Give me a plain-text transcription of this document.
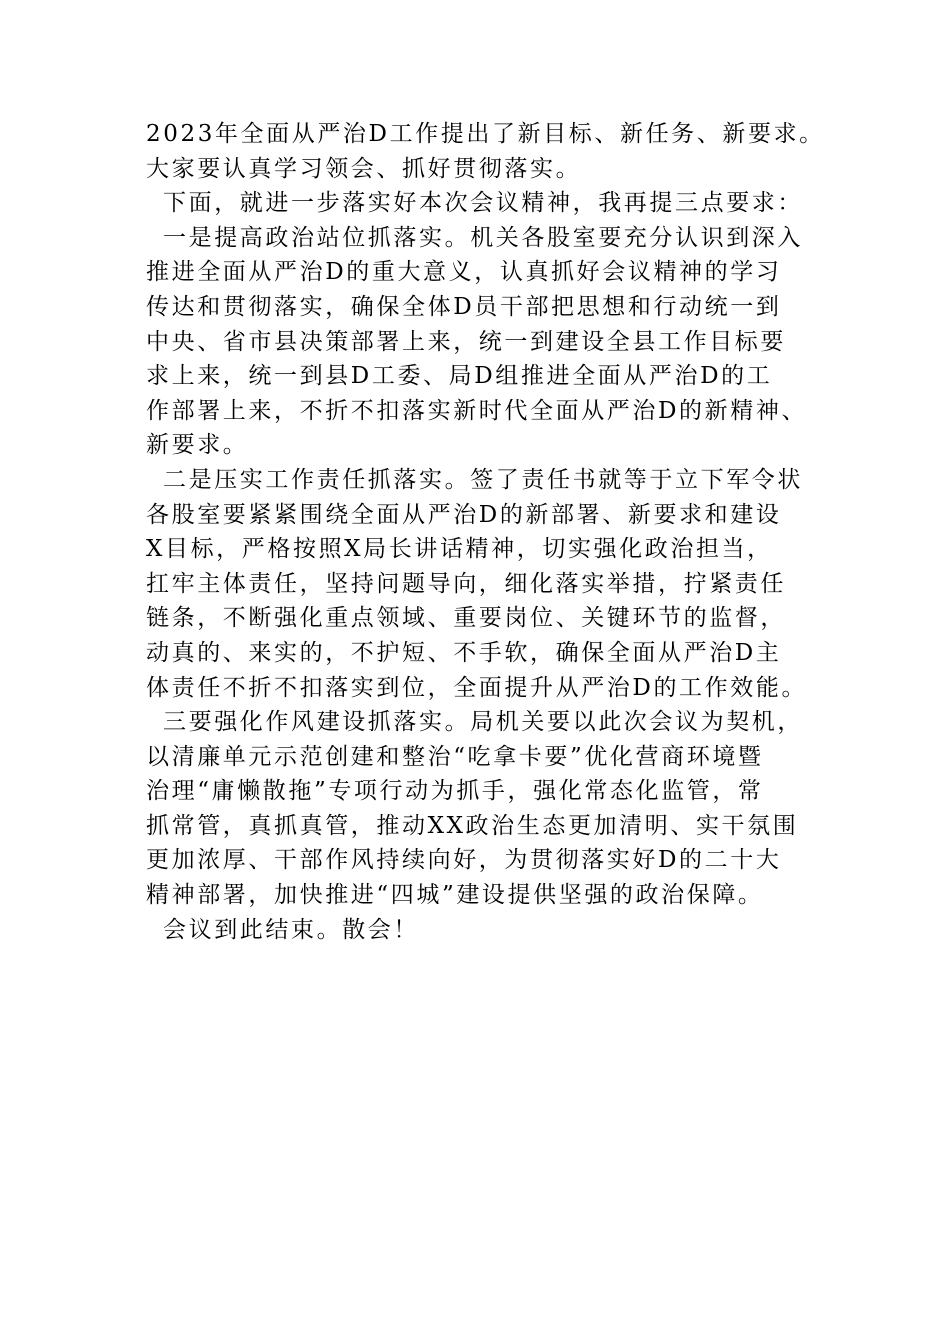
2023年全面从严治D工作提出了新目标、新任务、新要求。
大家要认真学习领会、抓好贯彻落实。
下面，就进一步落实好本次会议精神，我再提三点要求：
一是提高政治站位抓落实。机关各股室要充分认识到深入
推进全面从严治D的重大意义，认真抓好会议精神的学习
传达和贯彻落实，确保全体D员干部把思想和行动统一到
中央、省市县决策部署上来，统一到建设全县工作目标要
求上来，统一到县D工委、局D组推进全面从严治D的工
作部署上来，不折不扣落实新时代全面从严治D的新精神、
新要求。
二是压实工作责任抓落实。签了责任书就等于立下军令状
各股室要紧紧围绕全面从严治D的新部署、新要求和建设
X目标，严格按照X局长讲话精神，切实强化政治担当，
扛牢主体责任，坚持问题导向，细化落实举措，拧紧责任
链条，不断强化重点领域、重要岗位、关键环节的监督，
动真的、来实的，不护短、不手软，确保全面从严治D主
体责任不折不扣落实到位，全面提升从严治D的工作效能。
三要强化作风建设抓落实。局机关要以此次会议为契机，
以清廉单元示范创建和整治“吃拿卡要”优化营商环境暨
治理“庸懒散拖”专项行动为抓手，强化常态化监管，常
抓常管，真抓真管，推动XX政治生态更加清明、实干氛围
更加浓厚、干部作风持续向好，为贯彻落实好D的二十大
精神部署，加快推进“四城”建设提供坚强的政治保障。
会议到此结束。散会！
